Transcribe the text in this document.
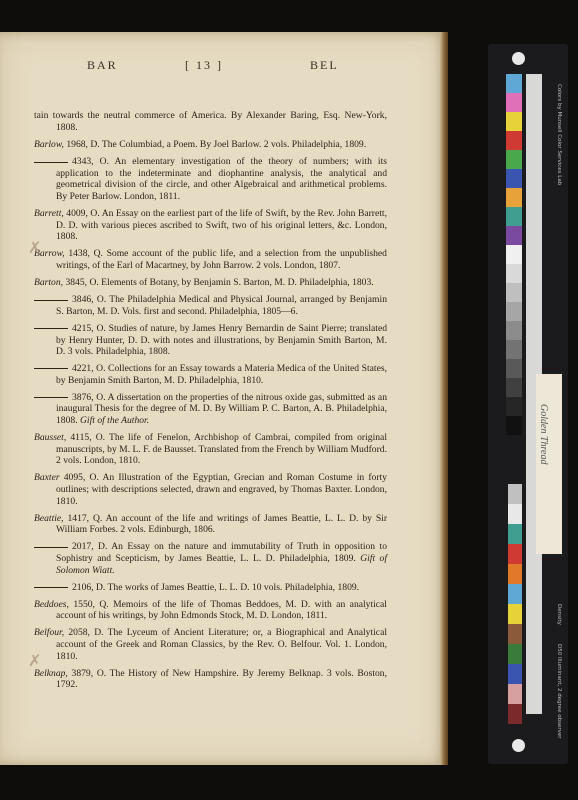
BAR	[ 13 ]	BEL
tain towards the neutral commerce of America. By Alexander Baring, Esq. New-York, 1808.
Barlow, 1968, D. The Columbiad, a Poem. By Joel Barlow. 2 vols. Philadelphia, 1809.
4343, O. An elementary investigation of the theory of numbers; with its application to the indeterminate and diophantine analysis, the analytical and geometrical division of the circle, and other Algebraical and arithmetical problems. By Peter Barlow. London, 1811.
Barrett, 4009, O. An Essay on the earliest part of the life of Swift, by the Rev. John Barrett, D. D. with various pieces ascribed to Swift, two of his original letters, &c. London, 1808.
Barrow, 1438, Q. Some account of the public life, and a selection from the unpublished writings, of the Earl of Macartney, by John Barrow. 2 vols. London, 1807.
Barton, 3845, O. Elements of Botany, by Benjamin S. Barton, M. D. Philadelphia, 1803.
3846, O. The Philadelphia Medical and Physical Journal, arranged by Benjamin S. Barton, M. D. Vols. first and second. Philadelphia, 1805—6.
4215, O. Studies of nature, by James Henry Bernardin de Saint Pierre; translated by Henry Hunter, D. D. with notes and illustrations, by Benjamin Smith Barton, M. D. 3 vols. Philadelphia, 1808.
4221, O. Collections for an Essay towards a Materia Medica of the United States, by Benjamin Smith Barton, M. D. Philadelphia, 1810.
3876, O. A dissertation on the properties of the nitrous oxide gas, submitted as an inaugural Thesis for the degree of M. D. By William P. C. Barton, A. B. Philadelphia, 1808. Gift of the Author.
Bausset, 4115, O. The life of Fenelon, Archbishop of Cambrai, compiled from original manuscripts, by M. L. F. de Bausset. Translated from the French by William Mudford. 2 vols. London, 1810.
Baxter 4095, O. An Illustration of the Egyptian, Grecian and Roman Costume in forty outlines; with descriptions selected, drawn and engraved, by Thomas Baxter. London, 1810.
Beattie, 1417, Q. An account of the life and writings of James Beattie, L. L. D. by Sir William Forbes. 2 vols. Edinburgh, 1806.
2017, D. An Essay on the nature and immutability of Truth in opposition to Sophistry and Scepticism, by James Beattie, L. L. D. Philadelphia, 1809. Gift of Solomon Wiatt.
2106, D. The works of James Beattie, L. L. D. 10 vols. Philadelphia, 1809.
Beddoes, 1550, Q. Memoirs of the life of Thomas Beddoes, M. D. with an analytical account of his writings, by John Edmonds Stock, M. D. London, 1811.
Belfour, 2058, D. The Lyceum of Ancient Literature; or, a Biographical and Analytical account of the Greek and Roman Classics, by the Rev. O. Belfour. Vol. 1. London, 1810.
Belknap, 3879, O. The History of New Hampshire. By Jeremy Belknap. 3 vols. Boston, 1792.
✗
✗
Golden Thread
Colors by Munsell Color Services Lab
Density
D50 Illuminant, 2 degree observer
